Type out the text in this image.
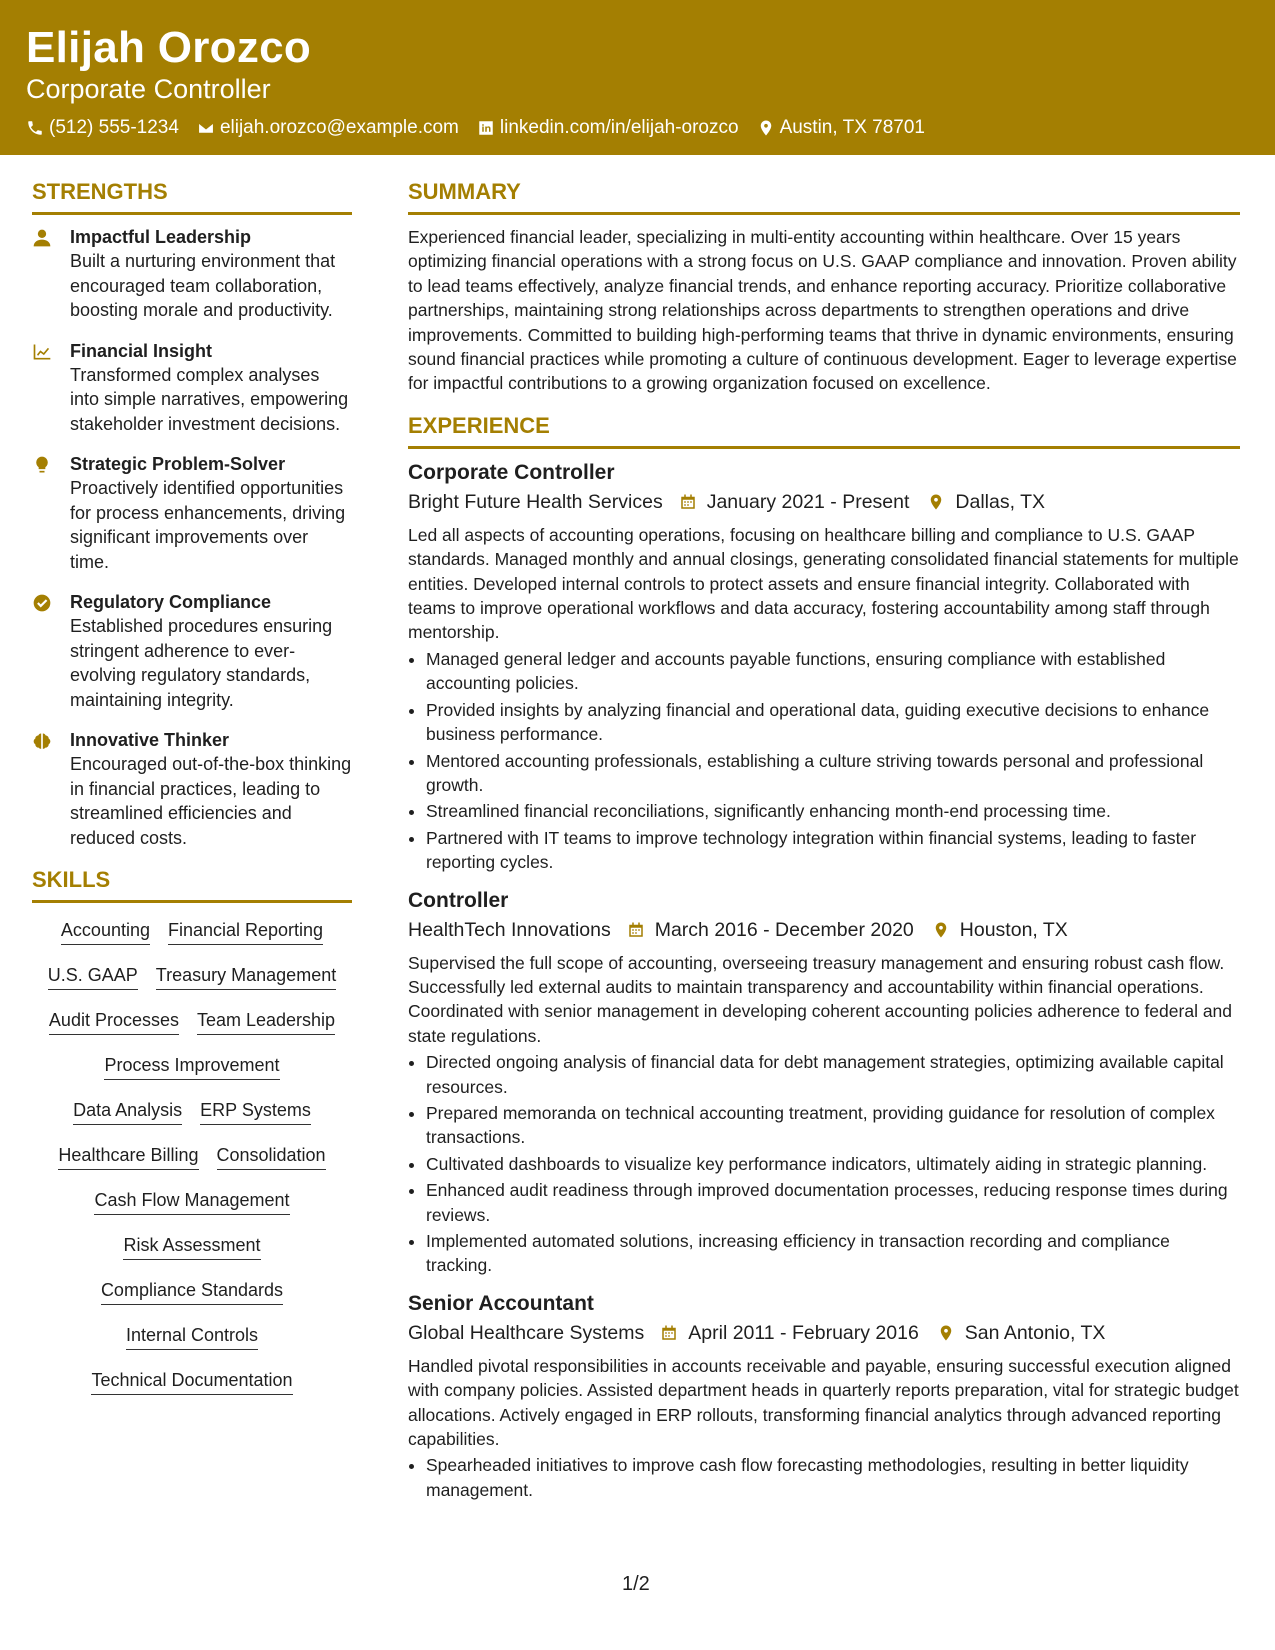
Elijah Orozco
Corporate Controller
(512) 555-1234 elijah.orozco@example.com linkedin.com/in/elijah-orozco Austin, TX 78701
STRENGTHS
Impactful Leadership
Built a nurturing environment that encouraged team collaboration, boosting morale and productivity.
Financial Insight
Transformed complex analyses into simple narratives, empowering stakeholder investment decisions.
Strategic Problem-Solver
Proactively identified opportunities for process enhancements, driving significant improvements over time.
Regulatory Compliance
Established procedures ensuring stringent adherence to ever-evolving regulatory standards, maintaining integrity.
Innovative Thinker
Encouraged out-of-the-box thinking in financial practices, leading to streamlined efficiencies and reduced costs.
SKILLS
Accounting Financial Reporting
U.S. GAAP Treasury Management
Audit Processes Team Leadership
Process Improvement
Data Analysis ERP Systems
Healthcare Billing Consolidation
Cash Flow Management
Risk Assessment
Compliance Standards
Internal Controls
Technical Documentation
SUMMARY
Experienced financial leader, specializing in multi-entity accounting within healthcare. Over 15 years optimizing financial operations with a strong focus on U.S. GAAP compliance and innovation. Proven ability to lead teams effectively, analyze financial trends, and enhance reporting accuracy. Prioritize collaborative partnerships, maintaining strong relationships across departments to strengthen operations and drive improvements. Committed to building high-performing teams that thrive in dynamic environments, ensuring sound financial practices while promoting a culture of continuous development. Eager to leverage expertise for impactful contributions to a growing organization focused on excellence.
EXPERIENCE
Corporate Controller
Bright Future Health Services January 2021 - Present Dallas, TX
Led all aspects of accounting operations, focusing on healthcare billing and compliance to U.S. GAAP standards. Managed monthly and annual closings, generating consolidated financial statements for multiple entities. Developed internal controls to protect assets and ensure financial integrity. Collaborated with teams to improve operational workflows and data accuracy, fostering accountability among staff through mentorship.
• Managed general ledger and accounts payable functions, ensuring compliance with established accounting policies.
• Provided insights by analyzing financial and operational data, guiding executive decisions to enhance business performance.
• Mentored accounting professionals, establishing a culture striving towards personal and professional growth.
• Streamlined financial reconciliations, significantly enhancing month-end processing time.
• Partnered with IT teams to improve technology integration within financial systems, leading to faster reporting cycles.
Controller
HealthTech Innovations March 2016 - December 2020 Houston, TX
Supervised the full scope of accounting, overseeing treasury management and ensuring robust cash flow. Successfully led external audits to maintain transparency and accountability within financial operations. Coordinated with senior management in developing coherent accounting policies adherence to federal and state regulations.
• Directed ongoing analysis of financial data for debt management strategies, optimizing available capital resources.
• Prepared memoranda on technical accounting treatment, providing guidance for resolution of complex transactions.
• Cultivated dashboards to visualize key performance indicators, ultimately aiding in strategic planning.
• Enhanced audit readiness through improved documentation processes, reducing response times during reviews.
• Implemented automated solutions, increasing efficiency in transaction recording and compliance tracking.
Senior Accountant
Global Healthcare Systems April 2011 - February 2016 San Antonio, TX
Handled pivotal responsibilities in accounts receivable and payable, ensuring successful execution aligned with company policies. Assisted department heads in quarterly reports preparation, vital for strategic budget allocations. Actively engaged in ERP rollouts, transforming financial analytics through advanced reporting capabilities.
• Spearheaded initiatives to improve cash flow forecasting methodologies, resulting in better liquidity management.
1/2
